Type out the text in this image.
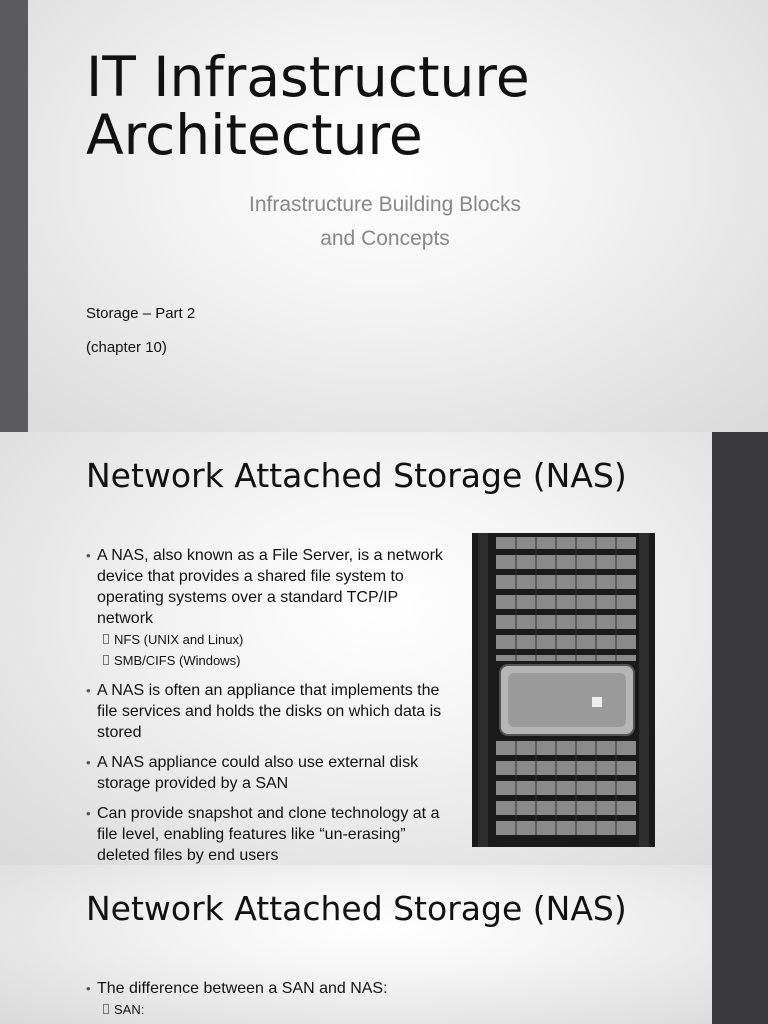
IT Infrastructure
Architecture
Infrastructure Building Blocks
and Concepts
Storage – Part 2
(chapter 10)
Network Attached Storage (NAS)
• A NAS, also known as a File Server, is a network device that provides a shared file system to operating systems over a standard TCP/IP network
NFS (UNIX and Linux)
SMB/CIFS (Windows)
• A NAS is often an appliance that implements the file services and holds the disks on which data is stored
• A NAS appliance could also use external disk storage provided by a SAN
• Can provide snapshot and clone technology at a file level, enabling features like “un-erasing” deleted files by end users
Network Attached Storage (NAS)
• The difference between a SAN and NAS:
SAN:
